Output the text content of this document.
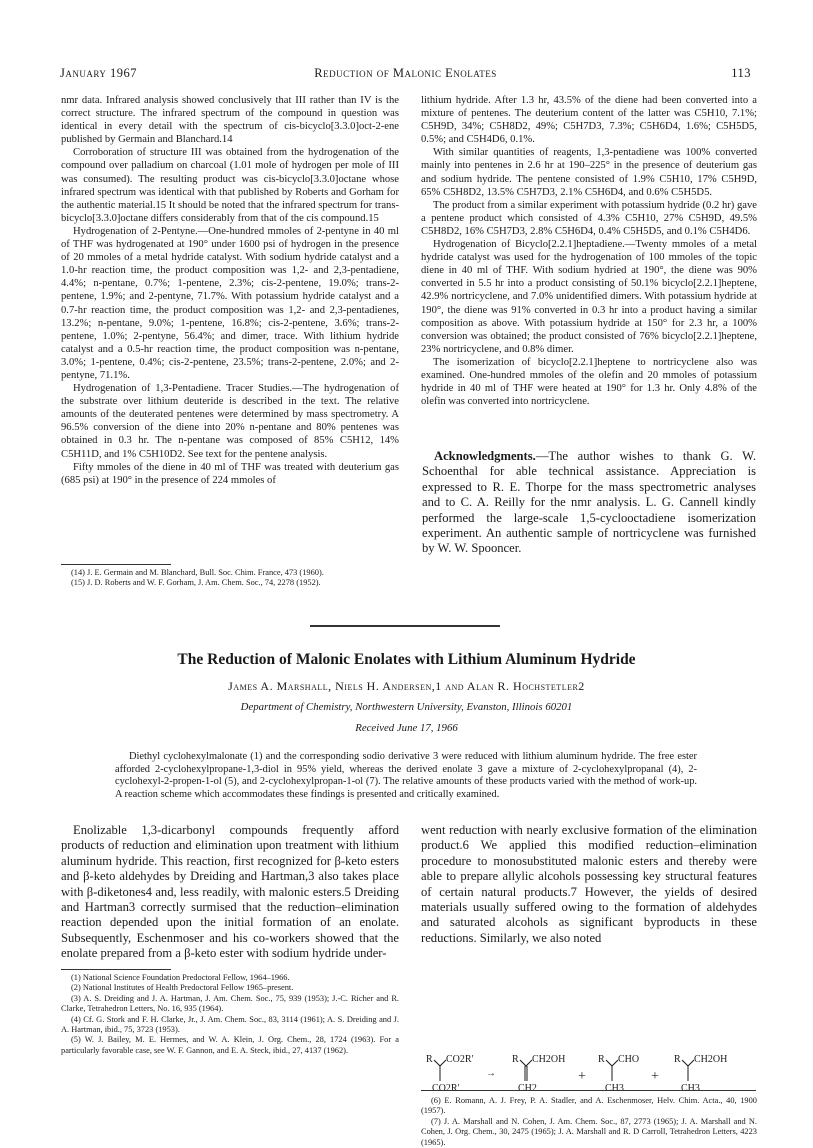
January 1967	Reduction of Malonic Enolates	113

nmr data. Infrared analysis showed conclusively that III rather than IV is the correct structure. The infrared spectrum of the compound in question was identical in every detail with the spectrum of cis-bicyclo[3.3.0]oct-2-ene published by Germain and Blanchard.14

Corroboration of structure III was obtained from the hydrogenation of the compound over palladium on charcoal (1.01 mole of hydrogen per mole of III was consumed). The resulting product was cis-bicyclo[3.3.0]octane whose infrared spectrum was identical with that published by Roberts and Gorham for the authentic material.15 It should be noted that the infrared spectrum for trans-bicyclo[3.3.0]octane differs considerably from that of the cis compound.15

Hydrogenation of 2-Pentyne.—One-hundred mmoles of 2-pentyne in 40 ml of THF was hydrogenated at 190° under 1600 psi of hydrogen in the presence of 20 mmoles of a metal hydride catalyst. With sodium hydride catalyst and a 1.0-hr reaction time, the product composition was 1,2- and 2,3-pentadiene, 4.4%; n-pentane, 0.7%; 1-pentene, 2.3%; cis-2-pentene, 19.0%; trans-2-pentene, 1.9%; and 2-pentyne, 71.7%. With potassium hydride catalyst and a 0.7-hr reaction time, the product composition was 1,2- and 2,3-pentadienes, 13.2%; n-pentane, 9.0%; 1-pentene, 16.8%; cis-2-pentene, 3.6%; trans-2-pentene, 1.0%; 2-pentyne, 56.4%; and dimer, trace. With lithium hydride catalyst and a 0.5-hr reaction time, the product composition was n-pentane, 3.0%; 1-pentene, 0.4%; cis-2-pentene, 23.5%; trans-2-pentene, 2.0%; and 2-pentyne, 71.1%.

Hydrogenation of 1,3-Pentadiene. Tracer Studies.—The hydrogenation of the substrate over lithium deuteride is described in the text. The relative amounts of the deuterated pentenes were determined by mass spectrometry. A 96.5% conversion of the diene into 20% n-pentane and 80% pentenes was obtained in 0.3 hr. The n-pentane was composed of 85% C5H12, 14% C5H11D, and 1% C5H10D2. See text for the pentene analysis.

Fifty mmoles of the diene in 40 ml of THF was treated with deuterium gas (685 psi) at 190° in the presence of 224 mmoles of

(14) J. E. Germain and M. Blanchard, Bull. Soc. Chim. France, 473 (1960).

(15) J. D. Roberts and W. F. Gorham, J. Am. Chem. Soc., 74, 2278 (1952).

lithium hydride. After 1.3 hr, 43.5% of the diene had been converted into a mixture of pentenes. The deuterium content of the latter was C5H10, 7.1%; C5H9D, 34%; C5H8D2, 49%; C5H7D3, 7.3%; C5H6D4, 1.6%; C5H5D5, 0.5%; and C5H4D6, 0.1%.

With similar quantities of reagents, 1,3-pentadiene was 100% converted mainly into pentenes in 2.6 hr at 190–225° in the presence of deuterium gas and sodium hydride. The pentene consisted of 1.9% C5H10, 17% C5H9D, 65% C5H8D2, 13.5% C5H7D3, 2.1% C5H6D4, and 0.6% C5H5D5.

The product from a similar experiment with potassium hydride (0.2 hr) gave a pentene product which consisted of 4.3% C5H10, 27% C5H9D, 49.5% C5H8D2, 16% C5H7D3, 2.8% C5H6D4, 0.4% C5H5D5, and 0.1% C5H4D6.

Hydrogenation of Bicyclo[2.2.1]heptadiene.—Twenty mmoles of a metal hydride catalyst was used for the hydrogenation of 100 mmoles of the topic diene in 40 ml of THF. With sodium hydried at 190°, the diene was 90% converted in 5.5 hr into a product consisting of 50.1% bicyclo[2.2.1]heptene, 42.9% nortricyclene, and 7.0% unidentified dimers. With potassium hydride at 190°, the diene was 91% converted in 0.3 hr into a product having a similar composition as above. With potassium hydride at 150° for 2.3 hr, a 100% conversion was obtained; the product consisted of 76% bicyclo[2.2.1]heptene, 23% nortricyclene, and 0.8% dimer.

The isomerization of bicyclo[2.2.1]heptene to nortricyclene also was examined. One-hundred mmoles of the olefin and 20 mmoles of potassium hydride in 40 ml of THF were heated at 190° for 1.3 hr. Only 4.8% of the olefin was converted into nortricyclene.

Acknowledgments.—The author wishes to thank G. W. Schoenthal for able technical assistance. Appreciation is expressed to R. E. Thorpe for the mass spectrometric analyses and to C. A. Reilly for the nmr analysis. L. G. Cannell kindly performed the large-scale 1,5-cyclooctadiene isomerization experiment. An authentic sample of nortricyclene was furnished by W. W. Spooncer.
The Reduction of Malonic Enolates with Lithium Aluminum Hydride
James A. Marshall, Niels H. Andersen,1 and Alan R. Hochstetler2
Department of Chemistry, Northwestern University, Evanston, Illinois 60201
Received June 17, 1966

Diethyl cyclohexylmalonate (1) and the corresponding sodio derivative 3 were reduced with lithium aluminum hydride. The free ester afforded 2-cyclohexylpropane-1,3-diol in 95% yield, whereas the derived enolate 3 gave a mixture of 2-cyclohexylpropanal (4), 2-cyclohexyl-2-propen-1-ol (5), and 2-cyclohexylpropan-1-ol (7). The relative amounts of these products varied with the method of work-up. A reaction scheme which accommodates these findings is presented and critically examined.

Enolizable 1,3-dicarbonyl compounds frequently afford products of reduction and elimination upon treatment with lithium aluminum hydride. This reaction, first recognized for β-keto esters and β-keto aldehydes by Dreiding and Hartman,3 also takes place with β-diketones4 and, less readily, with malonic esters.5 Dreiding and Hartman3 correctly surmised that the reduction–elimination reaction depended upon the initial formation of an enolate. Subsequently, Eschenmoser and his co-workers showed that the enolate prepared from a β-keto ester with sodium hydride under-

went reduction with nearly exclusive formation of the elimination product.6 We applied this modified reduction–elimination procedure to monosubstituted malonic esters and thereby were able to prepare allylic alcohols possessing key structural features of certain natural products.7 However, the yields of desired materials usually suffered owing to the formation of aldehydes and saturated alcohols as significant byproducts in these reductions. Similarly, we also noted

R CO2R′
CO2R′
→
R CH2OH
CH2
+
R CHO
CH3
+
R CH2OH
CH3

(1) National Science Foundation Predoctoral Fellow, 1964–1966.

(2) National Institutes of Health Predoctoral Fellow 1965–present.

(3) A. S. Dreiding and J. A. Hartman, J. Am. Chem. Soc., 75, 939 (1953); J.-C. Richer and R. Clarke, Tetrahedron Letters, No. 16, 935 (1964).

(4) Cf. G. Stork and F. H. Clarke, Jr., J. Am. Chem. Soc., 83, 3114 (1961); A. S. Dreiding and J. A. Hartman, ibid., 75, 3723 (1953).

(5) W. J. Bailey, M. E. Hermes, and W. A. Klein, J. Org. Chem., 28, 1724 (1963). For a particularly favorable case, see W. F. Gannon, and E. A. Steck, ibid., 27, 4137 (1962).

(6) E. Romann, A. J. Frey, P. A. Stadler, and A. Eschenmoser, Helv. Chim. Acta., 40, 1900 (1957).

(7) J. A. Marshall and N. Cohen, J. Am. Chem. Soc., 87, 2773 (1965); J. A. Marshall and N. Cohen, J. Org. Chem., 30, 2475 (1965); J. A. Marshall and R. D Carroll, Tetrahedron Letters, 4223 (1965).
